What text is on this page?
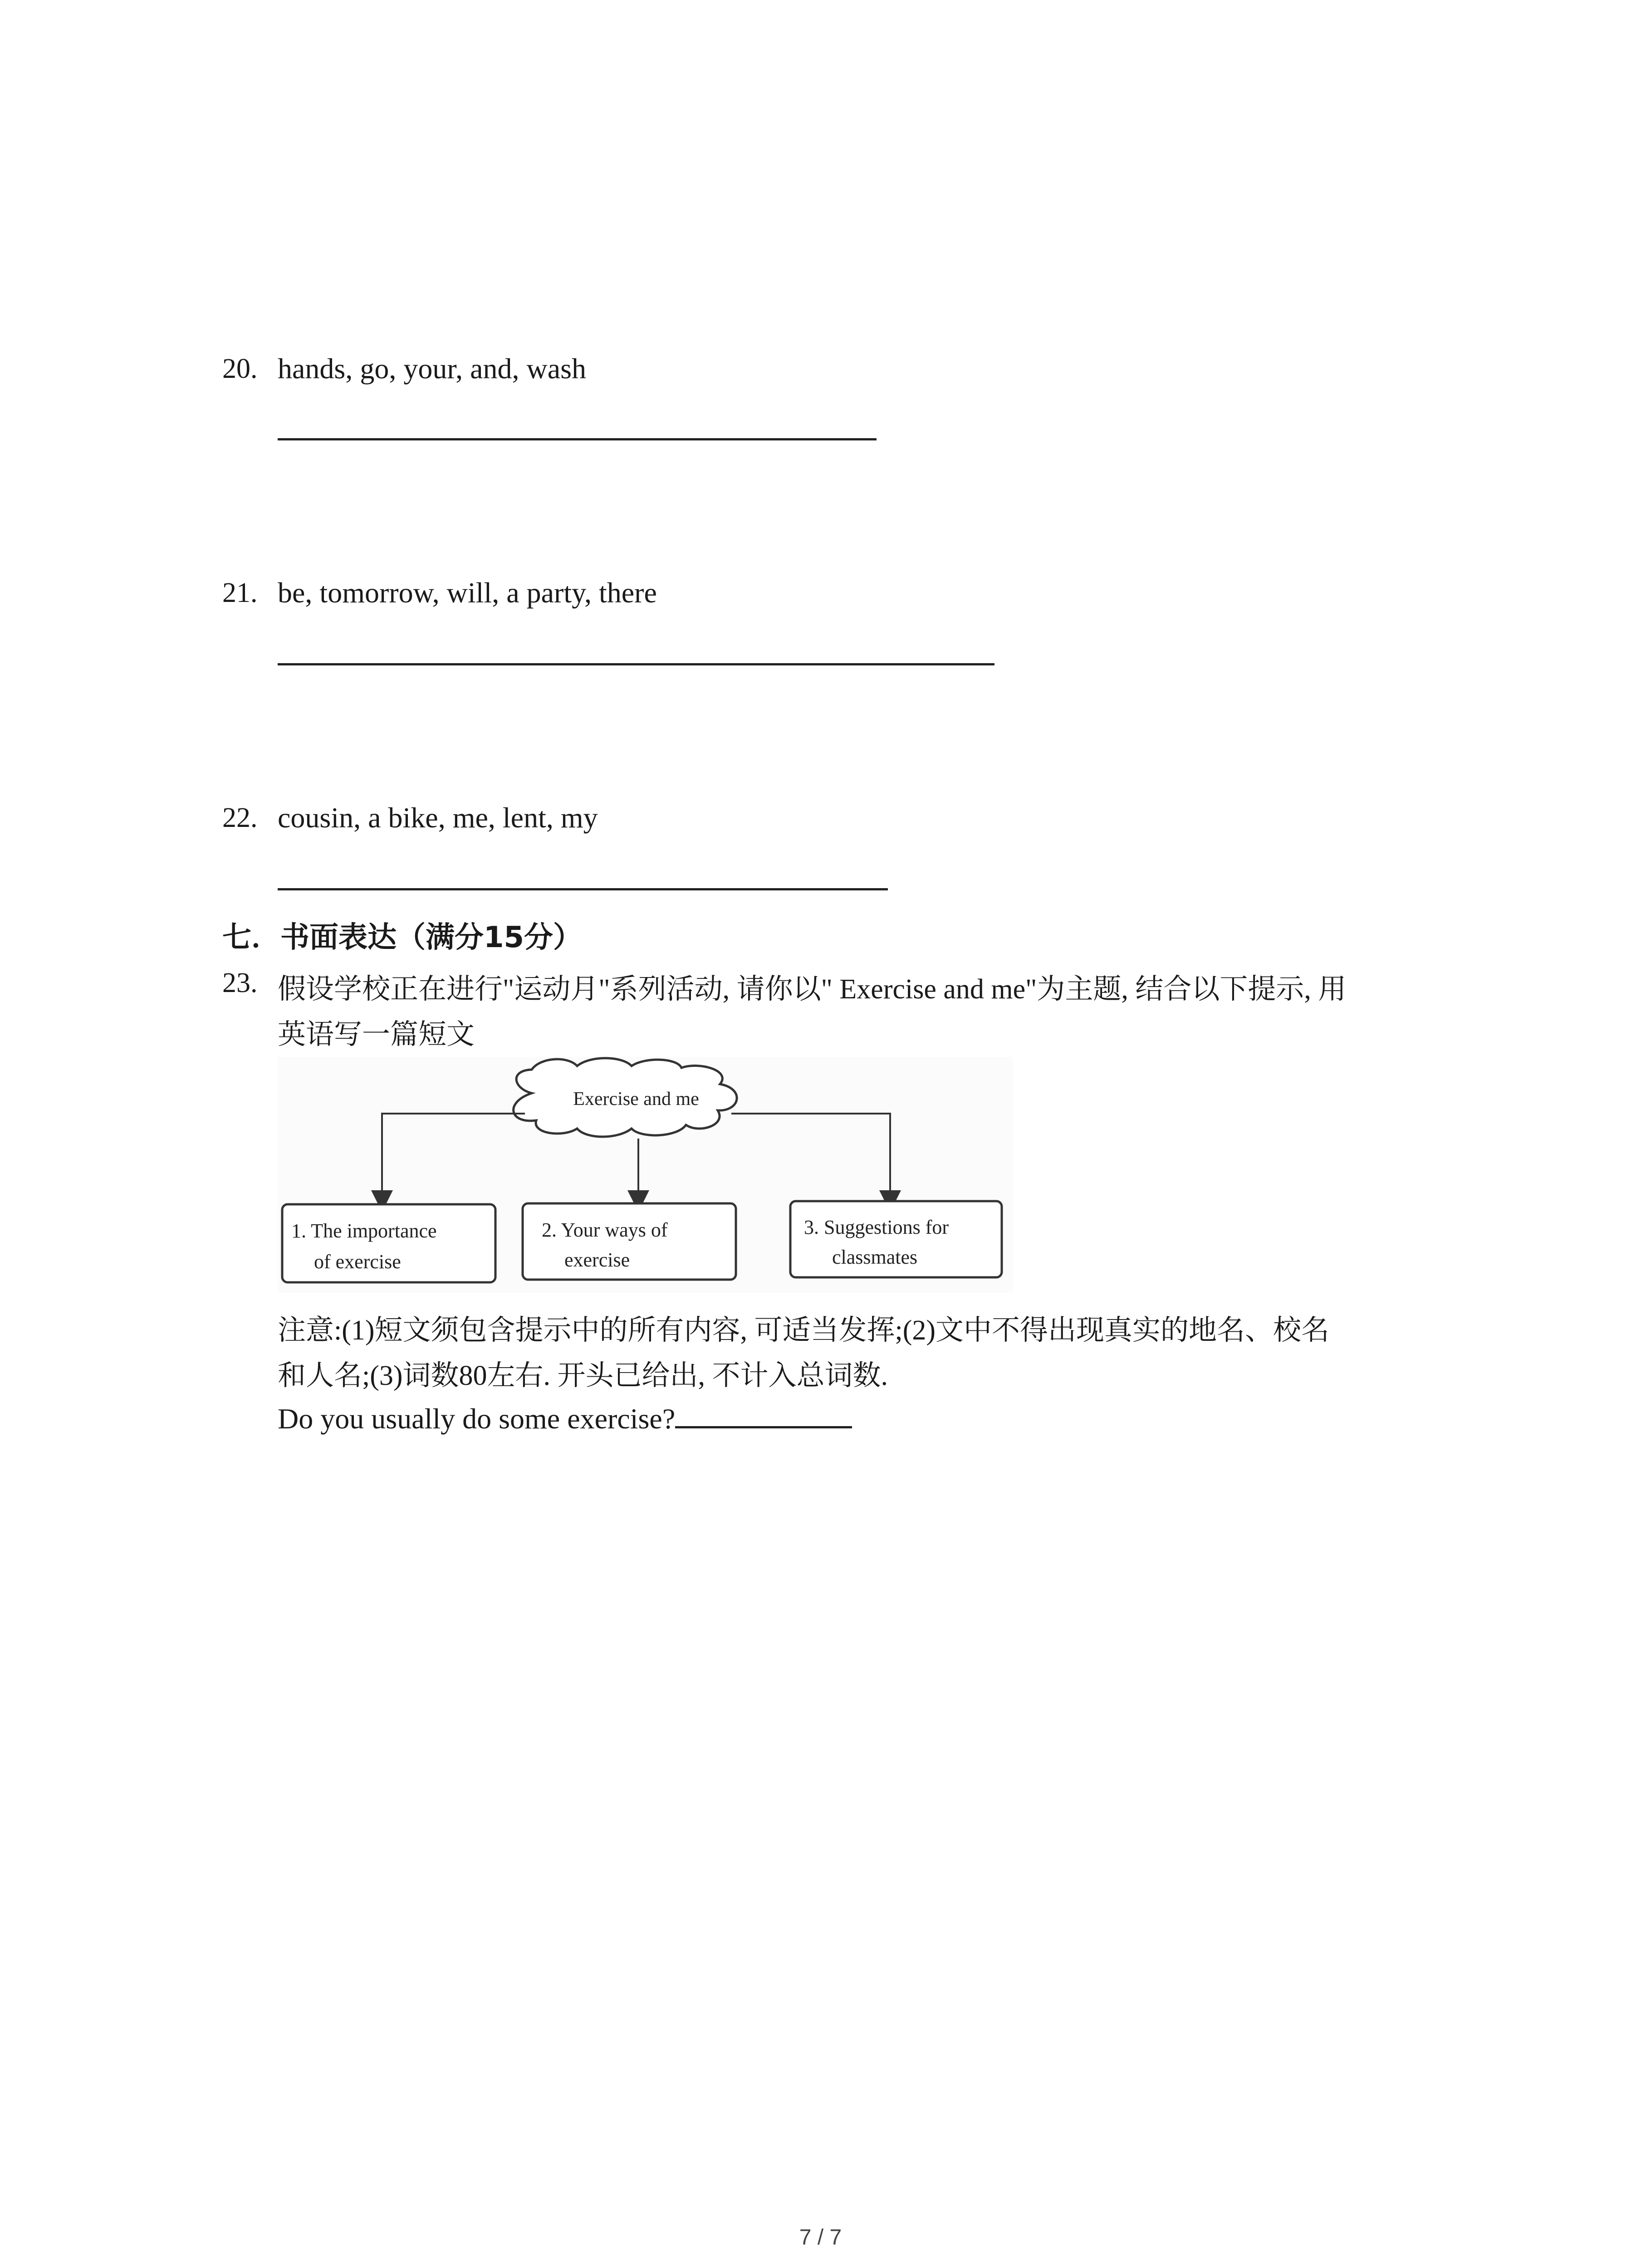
20. hands, go, your, and, wash
21. be, tomorrow, will, a party, there
22. cousin, a bike, me, lent, my
七．书面表达（满分15分）
23. 假设学校正在进行"运动月"系列活动, 请你以" Exercise and me"为主题, 结合以下提示, 用
英语写一篇短文
Exercise and me
1. The importance
of exercise
2. Your ways of
exercise
3. Suggestions for
classmates
注意:(1)短文须包含提示中的所有内容, 可适当发挥;(2)文中不得出现真实的地名、校名
和人名;(3)词数80左右. 开头已给出, 不计入总词数.
Do you usually do some exercise?
7 / 7
